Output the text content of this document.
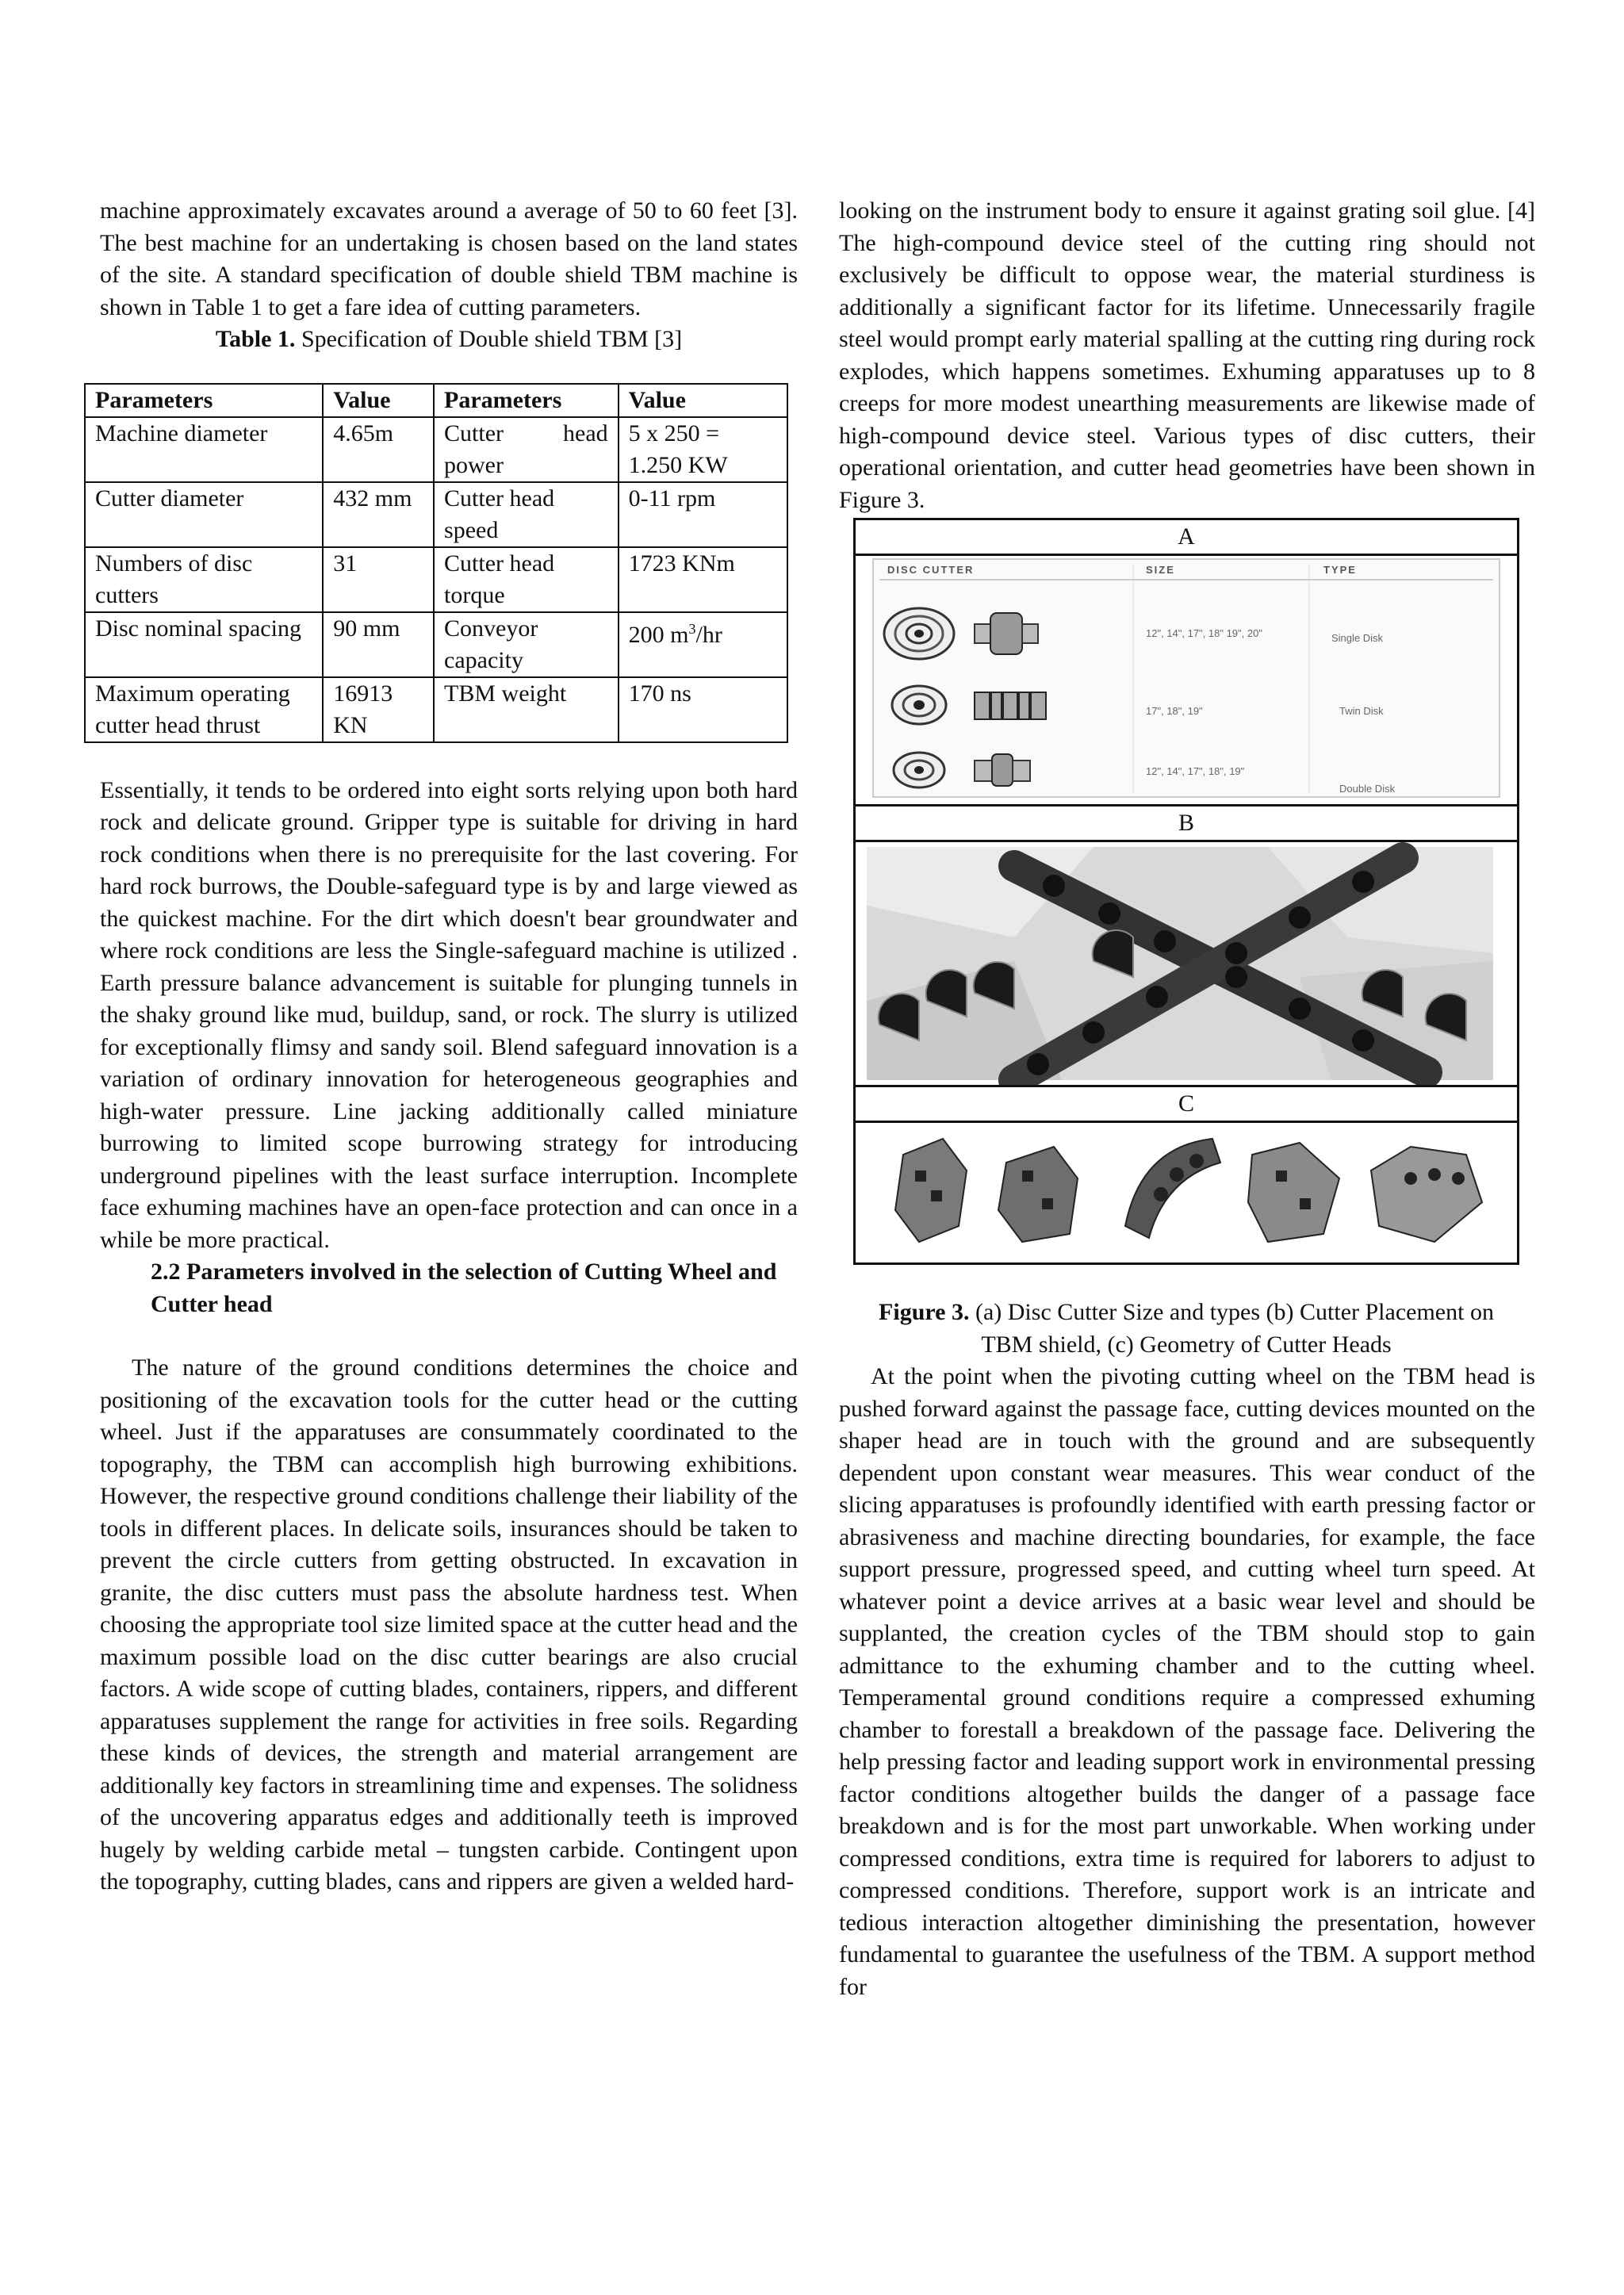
machine approximately excavates around a average of 50 to 60 feet [3]. The best machine for an undertaking is chosen based on the land states of the site. A standard specification of double shield TBM machine is shown in Table 1 to get a fare idea of cutting parameters.

Table 1. Specification of Double shield TBM [3]

Parameters	Value	Parameters	Value
Machine diameter	4.65m	Cutter head power	5 x 250 = 1.250 KW
Cutter diameter	432 mm	Cutter head speed	0-11 rpm
Numbers of disc cutters	31	Cutter head torque	1723 KNm
Disc nominal spacing	90 mm	Conveyor capacity	200 $m^3/hr$
Maximum operating cutter head thrust	16913 KN	TBM weight	170 ns

Essentially, it tends to be ordered into eight sorts relying upon both hard rock and delicate ground. Gripper type is suitable for driving in hard rock conditions when there is no prerequisite for the last covering. For hard rock burrows, the Double-safeguard type is by and large viewed as the quickest machine. For the dirt which doesn't bear groundwater and where rock conditions are less the Single-safeguard machine is utilized . Earth pressure balance advancement is suitable for plunging tunnels in the shaky ground like mud, buildup, sand, or rock. The slurry is utilized for exceptionally flimsy and sandy soil. Blend safeguard innovation is a variation of ordinary innovation for heterogeneous geographies and high-water pressure. Line jacking additionally called miniature burrowing to limited scope burrowing strategy for introducing underground pipelines with the least surface interruption. Incomplete face exhuming machines have an open-face protection and can once in a while be more practical.

2.2 Parameters involved in the selection of Cutting Wheel and Cutter head

The nature of the ground conditions determines the choice and positioning of the excavation tools for the cutter head or the cutting wheel. Just if the apparatuses are consummately coordinated to the topography, the TBM can accomplish high burrowing exhibitions. However, the respective ground conditions challenge their liability of the tools in different places. In delicate soils, insurances should be taken to prevent the circle cutters from getting obstructed. In excavation in granite, the disc cutters must pass the absolute hardness test. When choosing the appropriate tool size limited space at the cutter head and the maximum possible load on the disc cutter bearings are also crucial factors. A wide scope of cutting blades, containers, rippers, and different apparatuses supplement the range for activities in free soils. Regarding these kinds of devices, the strength and material arrangement are additionally key factors in streamlining time and expenses. The solidness of the uncovering apparatus edges and additionally teeth is improved hugely by welding carbide metal – tungsten carbide. Contingent upon the topography, cutting blades, cans and rippers are given a welded hard-

looking on the instrument body to ensure it against grating soil glue. [4] The high-compound device steel of the cutting ring should not exclusively be difficult to oppose wear, the material sturdiness is additionally a significant factor for its lifetime. Unnecessarily fragile steel would prompt early material spalling at the cutting ring during rock explodes, which happens sometimes. Exhuming apparatuses up to 8 creeps for more modest unearthing measurements are likewise made of high-compound device steel. Various types of disc cutters, their operational orientation, and cutter head geometries have been shown in Figure 3.

A
DISC CUTTER	SIZE	TYPE
12", 14", 17", 18" 19", 20"	Single Disk
17", 18", 19"	Twin Disk
12", 14", 17", 18", 19"
Double Disk
B
C

Figure 3. (a) Disc Cutter Size and types (b) Cutter Placement on TBM shield, (c) Geometry of Cutter Heads

At the point when the pivoting cutting wheel on the TBM head is pushed forward against the passage face, cutting devices mounted on the shaper head are in touch with the ground and are subsequently dependent upon constant wear measures. This wear conduct of the slicing apparatuses is profoundly identified with earth pressing factor or abrasiveness and machine directing boundaries, for example, the face support pressure, progressed speed, and cutting wheel turn speed. At whatever point a device arrives at a basic wear level and should be supplanted, the creation cycles of the TBM should stop to gain admittance to the exhuming chamber and to the cutting wheel. Temperamental ground conditions require a compressed exhuming chamber to forestall a breakdown of the passage face. Delivering the help pressing factor and leading support work in environmental pressing factor conditions altogether builds the danger of a passage face breakdown and is for the most part unworkable. When working under compressed conditions, extra time is required for laborers to adjust to compressed conditions. Therefore, support work is an intricate and tedious interaction altogether diminishing the presentation, however fundamental to guarantee the usefulness of the TBM. A support method for
